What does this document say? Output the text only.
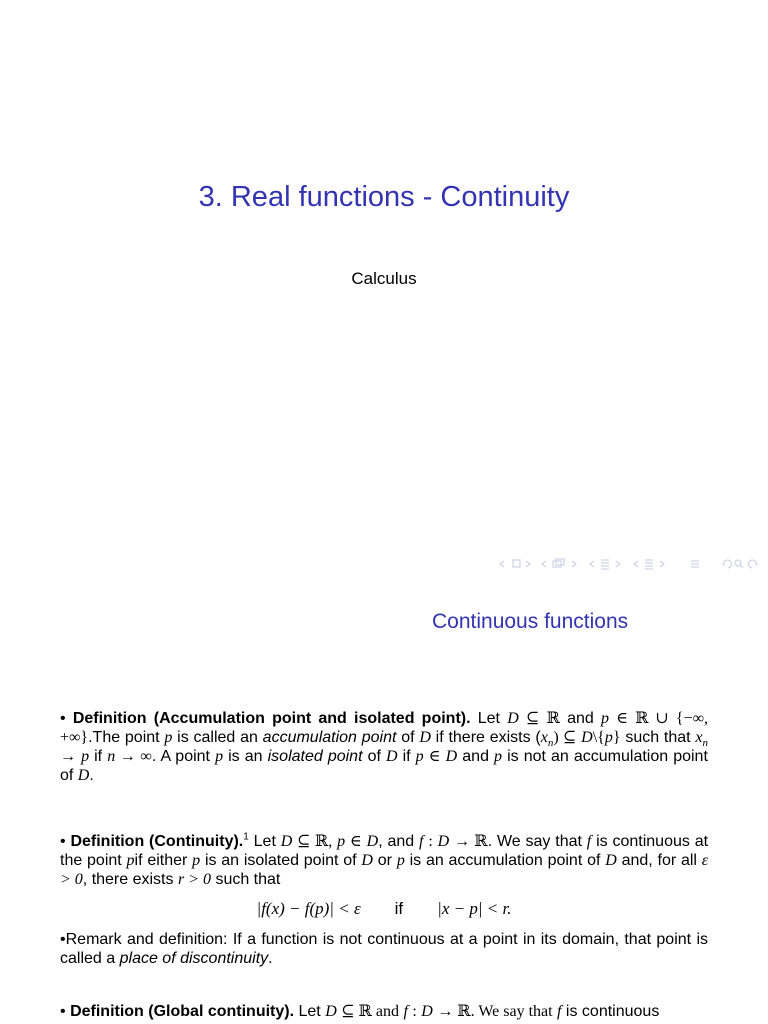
3. Real functions - Continuity
Calculus
Continuous functions
• Definition (Accumulation point and isolated point). Let D ⊆ ℝ and p ∈ ℝ ∪ {−∞, +∞}.The point p is called an accumulation point of D if there exists $(x_n)$ ⊆ D\{p} such that $x_n \to p$ if n → ∞. A point p is an isolated point of D if p ∈ D and p is not an accumulation point of D.
• Definition (Continuity).$^1$ Let D ⊆ ℝ, p ∈ D, and f : D → ℝ. We say that f is continuous at the point pif either p is an isolated point of D or p is an accumulation point of D and, for all ε > 0, there exists r > 0 such that
|f(x) − f(p)| < ε if |x − p| < r.
•Remark and definition: If a function is not continuous at a point in its domain, that point is called a place of discontinuity.
• Definition (Global continuity). Let D ⊆ ℝ and f : D → ℝ. We say that f is continuous
